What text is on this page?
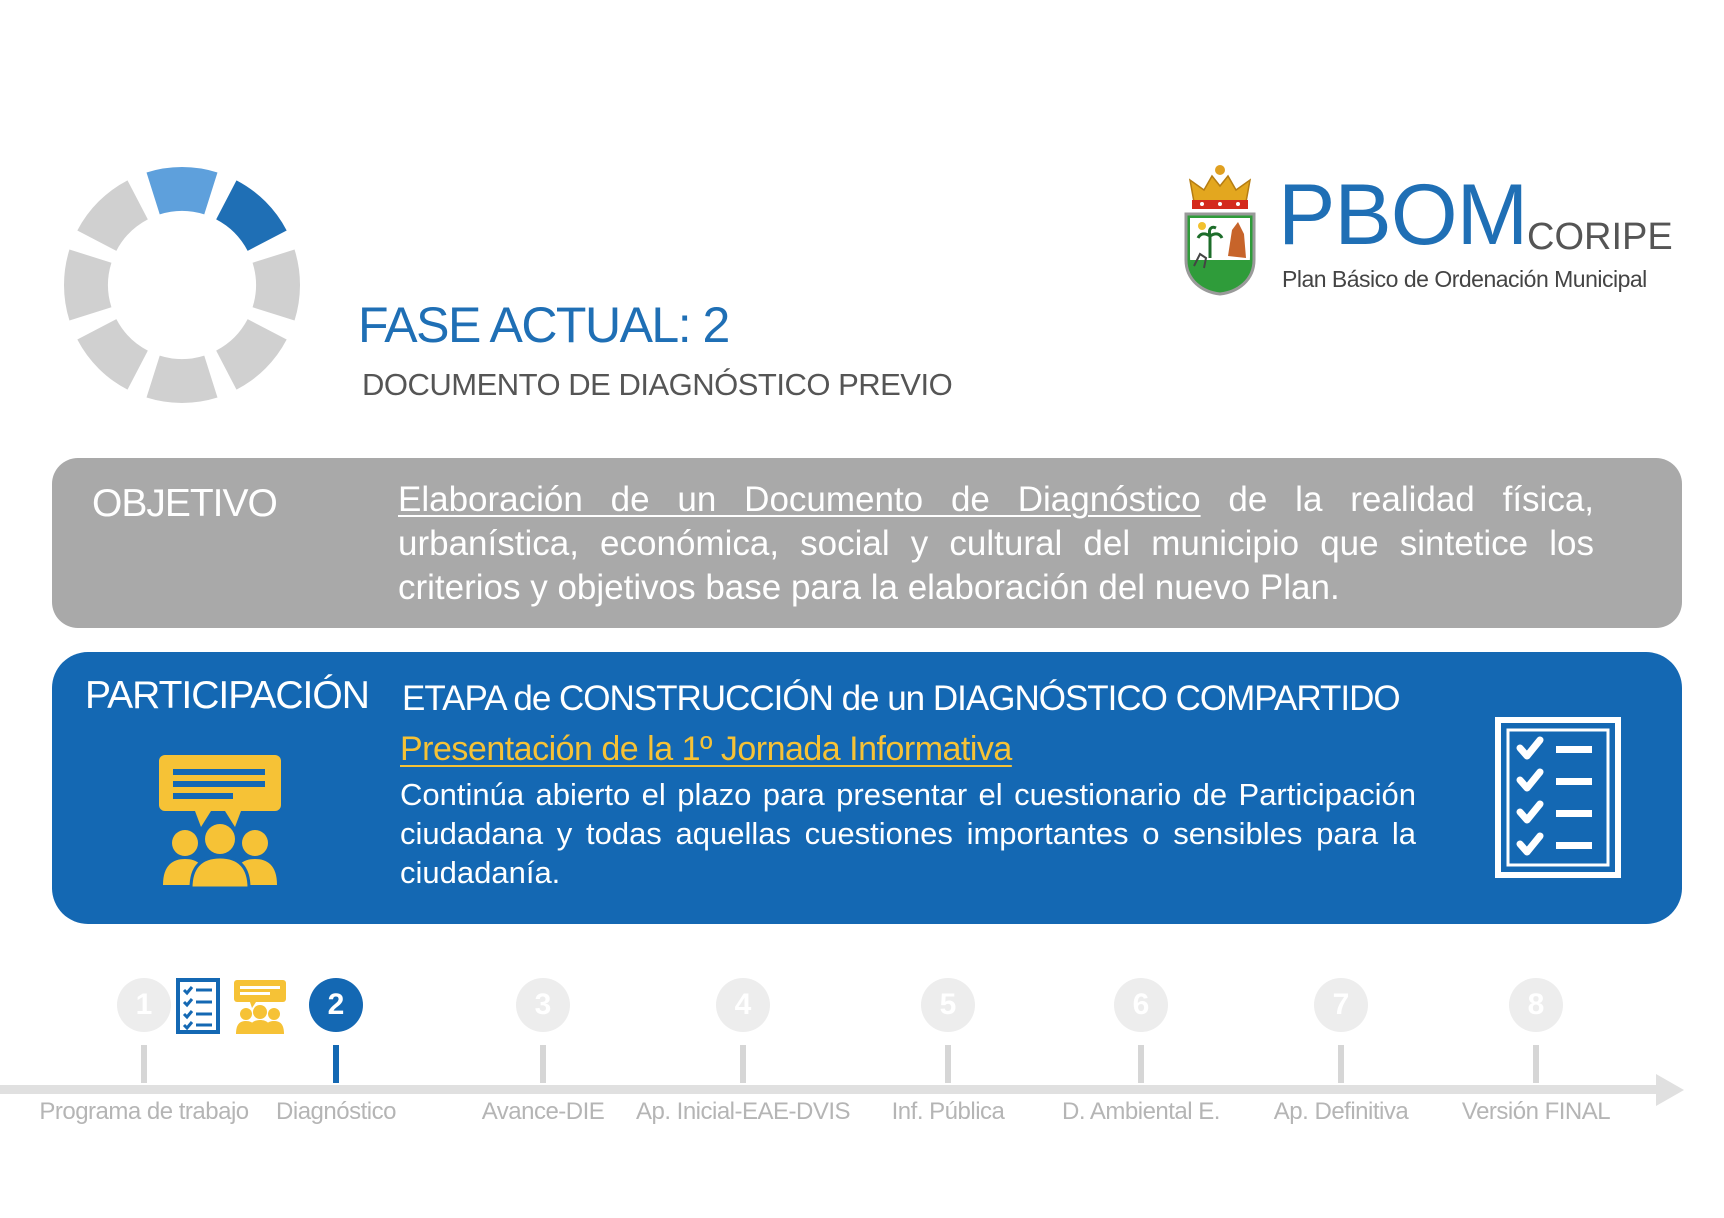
FASE ACTUAL: 2
DOCUMENTO DE DIAGNÓSTICO PREVIO
PBOM CORIPE
Plan Básico de Ordenación Municipal
OBJETIVO	Elaboración de un Documento de Diagnóstico de la realidad física, urbanística, económica, social y cultural del municipio que sintetice los criterios y objetivos base para la elaboración del nuevo Plan.
PARTICIPACIÓN ETAPA de CONSTRUCCIÓN de un DIAGNÓSTICO COMPARTIDO
Presentación de la 1º Jornada Informativa
Continúa abierto el plazo para presentar el cuestionario de Participación ciudadana y todas aquellas cuestiones importantes o sensibles para la ciudadanía.
1
Programa de trabajo
2
Diagnóstico
3
Avance-DIE
4
Ap. Inicial-EAE-DVIS
5
Inf. Pública
6
D. Ambiental E.
7
Ap. Definitiva
8
Versión FINAL
